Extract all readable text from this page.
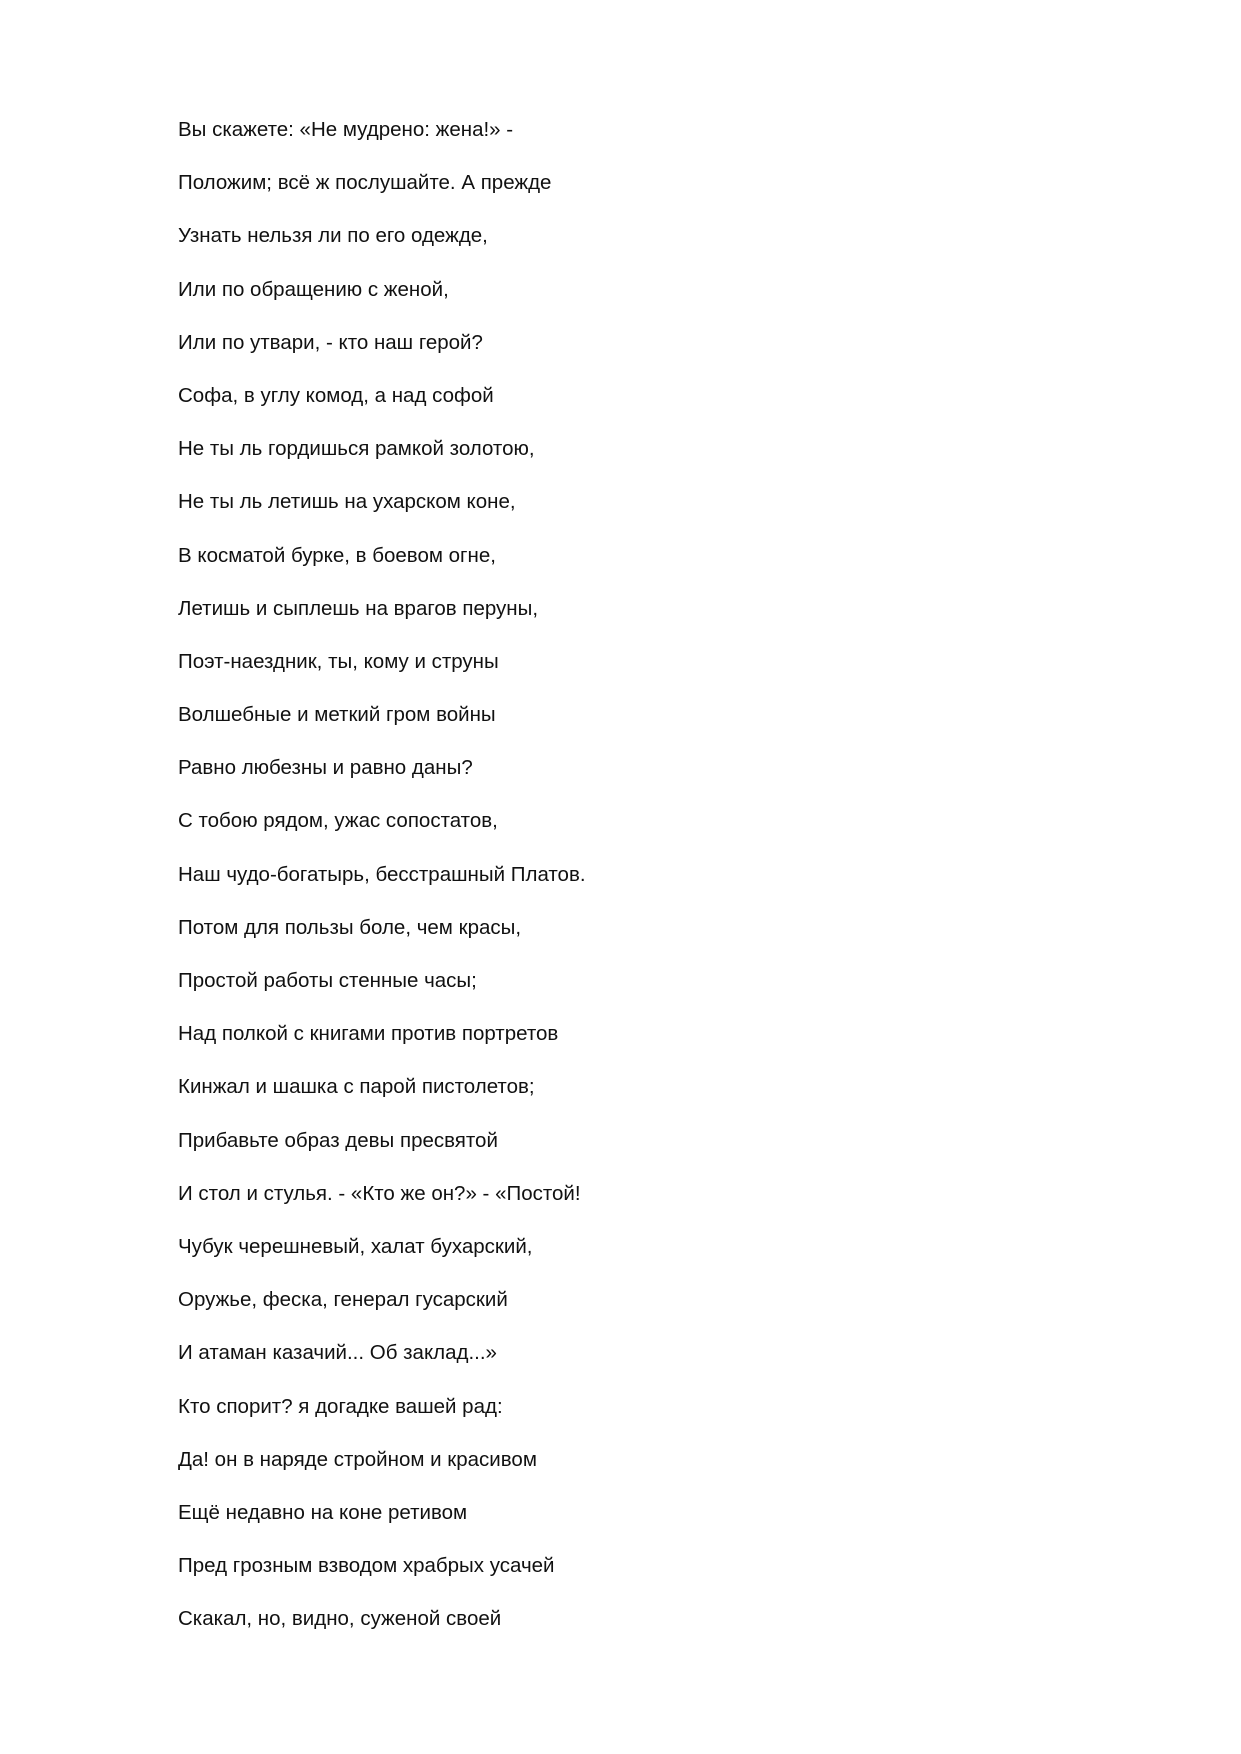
Вы скажете: «Не мудрено: жена!» -
Положим; всё ж послушайте. А прежде
Узнать нельзя ли по его одежде,
Или по обращению с женой,
Или по утвари, - кто наш герой?
Софа, в углу комод, а над софой
Не ты ль гордишься рамкой золотою,
Не ты ль летишь на ухарском коне,
В косматой бурке, в боевом огне,
Летишь и сыплешь на врагов перуны,
Поэт-наездник, ты, кому и струны
Волшебные и меткий гром войны
Равно любезны и равно даны?
С тобою рядом, ужас сопостатов,
Наш чудо-богатырь, бесстрашный Платов.
Потом для пользы боле, чем красы,
Простой работы стенные часы;
Над полкой с книгами против портретов
Кинжал и шашка с парой пистолетов;
Прибавьте образ девы пресвятой
И стол и стулья. - «Кто же он?» - «Постой!
Чубук черешневый, халат бухарский,
Оружье, феска, генерал гусарский
И атаман казачий... Об заклад...»
Кто спорит? я догадке вашей рад:
Да! он в наряде стройном и красивом
Ещё недавно на коне ретивом
Пред грозным взводом храбрых усачей
Скакал, но, видно, суженой своей
